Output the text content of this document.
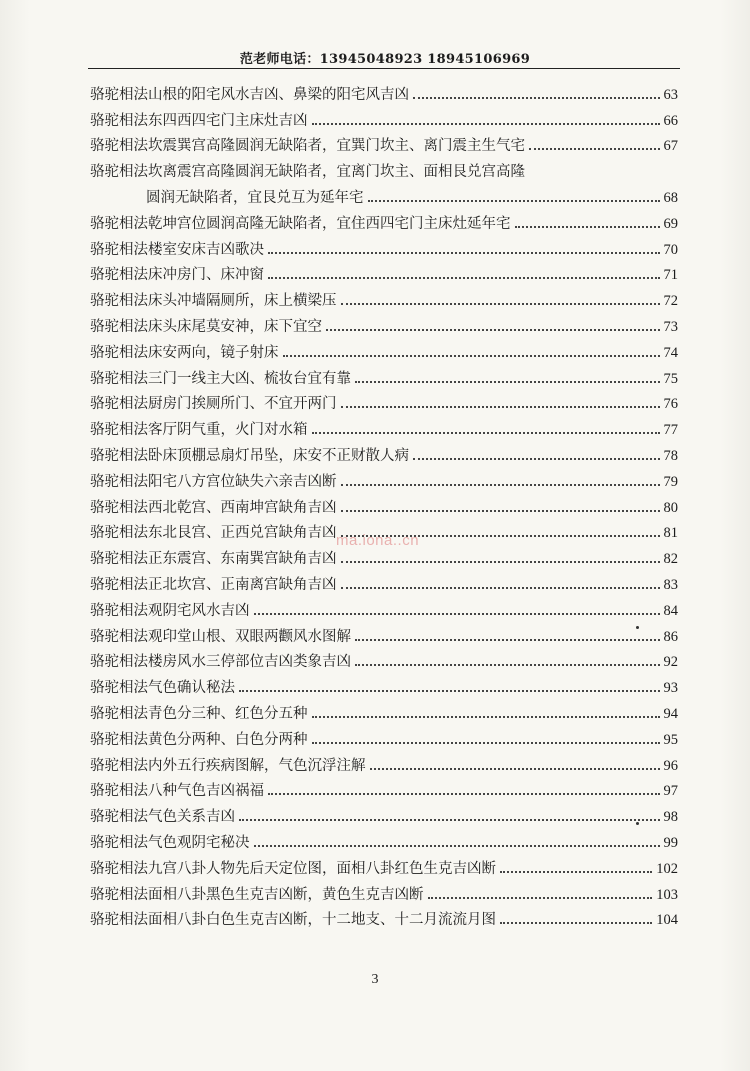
范老师电话：13945048923 18945106969
骆驼相法山根的阳宅风水吉凶、鼻梁的阳宅风吉凶	63
骆驼相法东四西四宅门主床灶吉凶	66
骆驼相法坎震巽宫高隆圆润无缺陷者，宜巽门坎主、离门震主生气宅	67
骆驼相法坎离震宫高隆圆润无缺陷者，宜离门坎主、面相艮兑宫高隆
圆润无缺陷者，宜艮兑互为延年宅	68
骆驼相法乾坤宫位圆润高隆无缺陷者，宜住西四宅门主床灶延年宅	69
骆驼相法楼室安床吉凶歌决	70
骆驼相法床冲房门、床冲窗	71
骆驼相法床头冲墙隔厕所，床上横梁压	72
骆驼相法床头床尾莫安神，床下宜空	73
骆驼相法床安两向，镜子射床	74
骆驼相法三门一线主大凶、梳妆台宜有靠	75
骆驼相法厨房门挨厕所门、不宜开两门	76
骆驼相法客厅阴气重，火门对水箱	77
骆驼相法卧床顶棚忌扇灯吊坠，床安不正财散人病	78
骆驼相法阳宅八方宫位缺失六亲吉凶断	79
骆驼相法西北乾宫、西南坤宫缺角吉凶	80
骆驼相法东北艮宫、正西兑宫缺角吉凶	81
骆驼相法正东震宫、东南巽宫缺角吉凶	82
骆驼相法正北坎宫、正南离宫缺角吉凶	83
骆驼相法观阴宅风水吉凶	84
骆驼相法观印堂山根、双眼两颧风水图解	86
骆驼相法楼房风水三停部位吉凶类象吉凶	92
骆驼相法气色确认秘法	93
骆驼相法青色分三种、红色分五种	94
骆驼相法黄色分两种、白色分两种	95
骆驼相法内外五行疾病图解，气色沉浮注解	96
骆驼相法八种气色吉凶祸福	97
骆驼相法气色关系吉凶	98
骆驼相法气色观阴宅秘决	99
骆驼相法九宫八卦人物先后天定位图，面相八卦红色生克吉凶断	102
骆驼相法面相八卦黑色生克吉凶断，黄色生克吉凶断	103
骆驼相法面相八卦白色生克吉凶断，十二地支、十二月流流月图	104
ma.iona..cn
3
